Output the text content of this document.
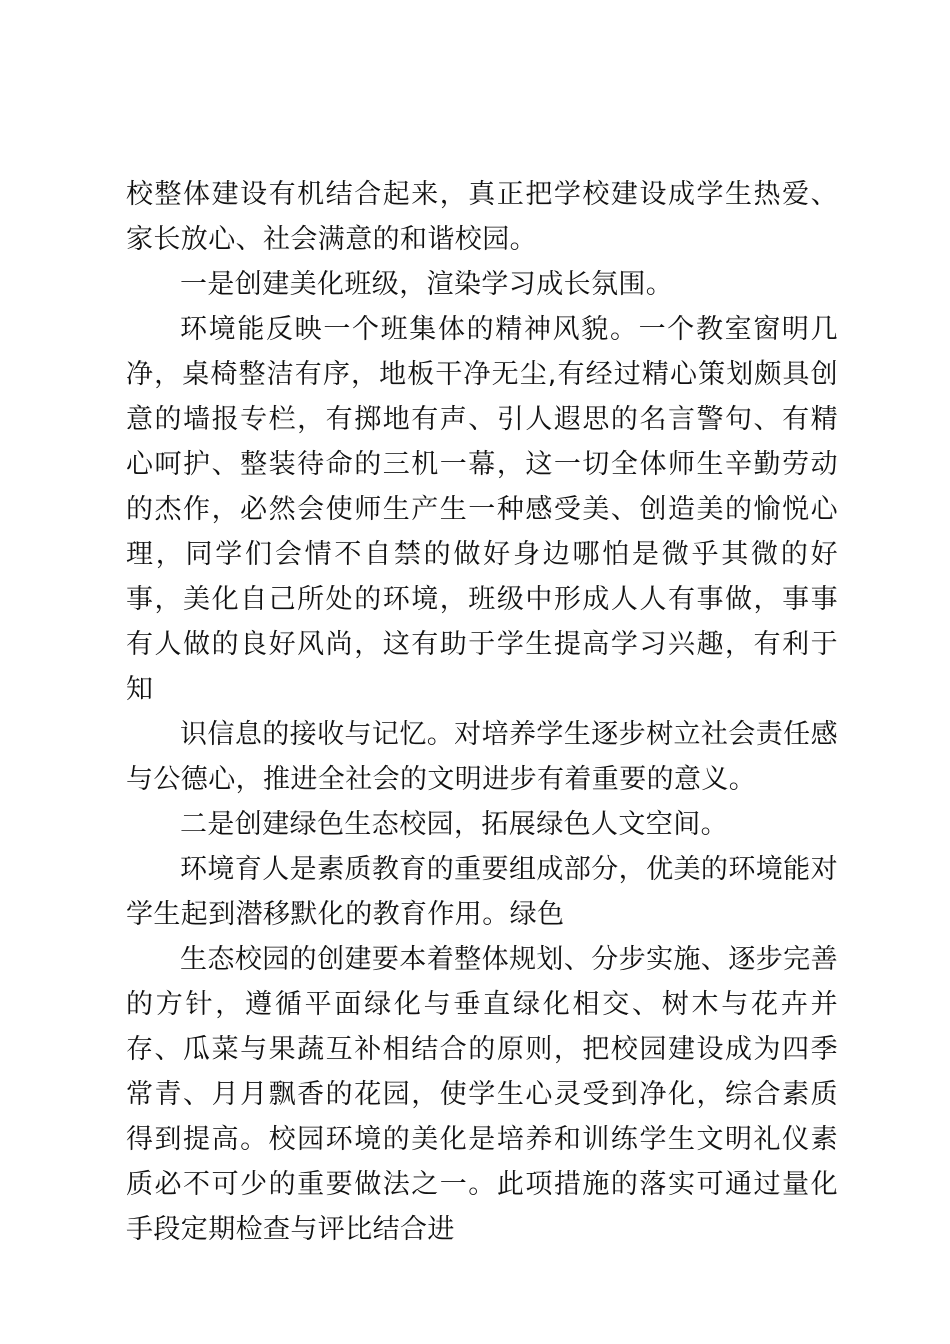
校整体建设有机结合起来，真正把学校建设成学生热爱、家长放心、社会满意的和谐校园。

一是创建美化班级，渲染学习成长氛围。

环境能反映一个班集体的精神风貌。一个教室窗明几净，桌椅整洁有序，地板干净无尘,有经过精心策划颇具创意的墙报专栏，有掷地有声、引人遐思的名言警句、有精心呵护、整装待命的三机一幕，这一切全体师生辛勤劳动的杰作，必然会使师生产生一种感受美、创造美的愉悦心理，同学们会情不自禁的做好身边哪怕是微乎其微的好事，美化自己所处的环境，班级中形成人人有事做，事事有人做的良好风尚，这有助于学生提高学习兴趣，有利于知

识信息的接收与记忆。对培养学生逐步树立社会责任感与公德心，推进全社会的文明进步有着重要的意义。

二是创建绿色生态校园，拓展绿色人文空间。

环境育人是素质教育的重要组成部分，优美的环境能对学生起到潜移默化的教育作用。绿色

生态校园的创建要本着整体规划、分步实施、逐步完善的方针，遵循平面绿化与垂直绿化相交、树木与花卉并存、瓜菜与果蔬互补相结合的原则，把校园建设成为四季常青、月月飘香的花园，使学生心灵受到净化，综合素质得到提高。校园环境的美化是培养和训练学生文明礼仪素质必不可少的重要做法之一。此项措施的落实可通过量化手段定期检查与评比结合进
